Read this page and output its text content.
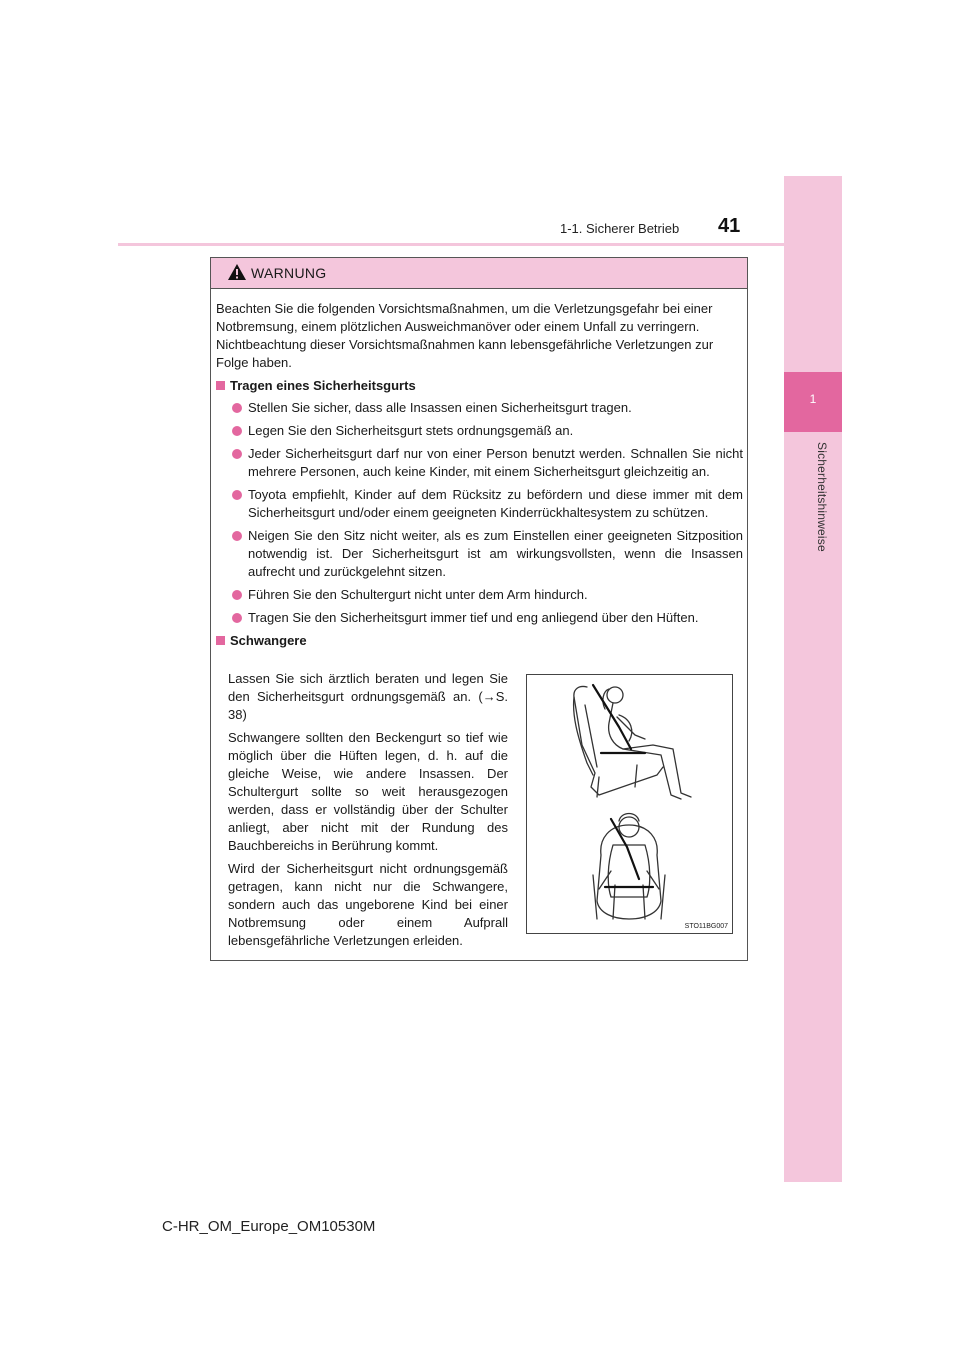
1-1. Sicherer Betrieb 41
1
Sicherheitshinweise
WARNUNG

Beachten Sie die folgenden Vorsichtsmaßnahmen, um die Verletzungsgefahr bei einer Notbremsung, einem plötzlichen Ausweichmanöver oder einem Unfall zu verringern. Nichtbeachtung dieser Vorsichtsmaßnahmen kann lebensgefährliche Verletzungen zur Folge haben.

Tragen eines Sicherheitsgurts
Stellen Sie sicher, dass alle Insassen einen Sicherheitsgurt tragen.
Legen Sie den Sicherheitsgurt stets ordnungsgemäß an.
Jeder Sicherheitsgurt darf nur von einer Person benutzt werden. Schnallen Sie nicht mehrere Personen, auch keine Kinder, mit einem Sicherheitsgurt gleichzeitig an.
Toyota empfiehlt, Kinder auf dem Rücksitz zu befördern und diese immer mit dem Sicherheitsgurt und/oder einem geeigneten Kinderrückhaltesystem zu schützen.
Neigen Sie den Sitz nicht weiter, als es zum Einstellen einer geeigneten Sitzposition notwendig ist. Der Sicherheitsgurt ist am wirkungsvollsten, wenn die Insassen aufrecht und zurückgelehnt sitzen.
Führen Sie den Schultergurt nicht unter dem Arm hindurch.
Tragen Sie den Sicherheitsgurt immer tief und eng anliegend über den Hüften.
Schwangere

Lassen Sie sich ärztlich beraten und legen Sie den Sicherheitsgurt ordnungsgemäß an. (→S. 38)

Schwangere sollten den Beckengurt so tief wie möglich über die Hüften legen, d. h. auf die gleiche Weise, wie andere Insassen. Der Schultergurt sollte so weit herausgezogen werden, dass er vollständig über der Schulter anliegt, aber nicht mit der Rundung des Bauchbereichs in Berührung kommt.

Wird der Sicherheitsgurt nicht ordnungsgemäß getragen, kann nicht nur die Schwangere, sondern auch das ungeborene Kind bei einer Notbremsung oder einem Aufprall lebensgefährliche Verletzungen erleiden.

STO11BG007
C-HR_OM_Europe_OM10530M
